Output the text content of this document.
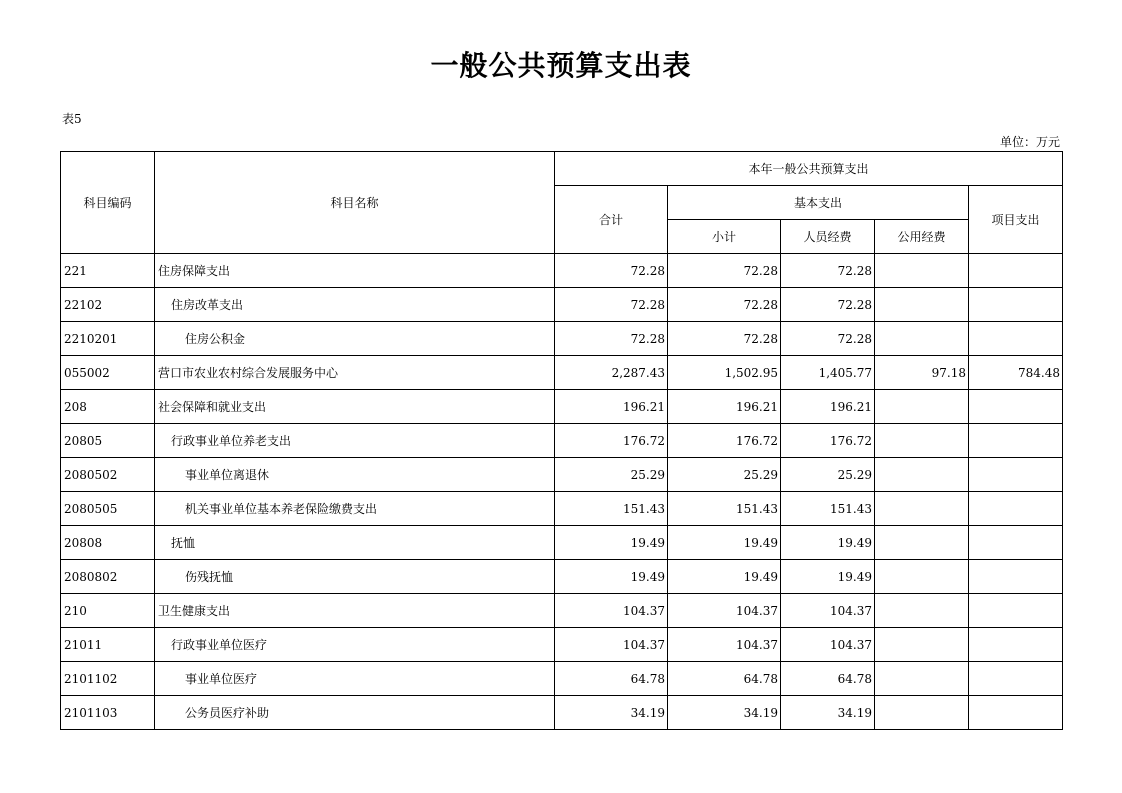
一般公共预算支出表
表5
单位：万元
科目编码	科目名称	本年一般公共预算支出				
		合计	基本支出			项目支出
			小计	人员经费	公用经费	
221	住房保障支出	72.28	72.28	72.28		
22102	住房改革支出	72.28	72.28	72.28		
2210201	住房公积金	72.28	72.28	72.28		
055002	营口市农业农村综合发展服务中心	2,287.43	1,502.95	1,405.77	97.18	784.48
208	社会保障和就业支出	196.21	196.21	196.21		
20805	行政事业单位养老支出	176.72	176.72	176.72		
2080502	事业单位离退休	25.29	25.29	25.29		
2080505	机关事业单位基本养老保险缴费支出	151.43	151.43	151.43		
20808	抚恤	19.49	19.49	19.49		
2080802	伤残抚恤	19.49	19.49	19.49		
210	卫生健康支出	104.37	104.37	104.37		
21011	行政事业单位医疗	104.37	104.37	104.37		
2101102	事业单位医疗	64.78	64.78	64.78		
2101103	公务员医疗补助	34.19	34.19	34.19		
